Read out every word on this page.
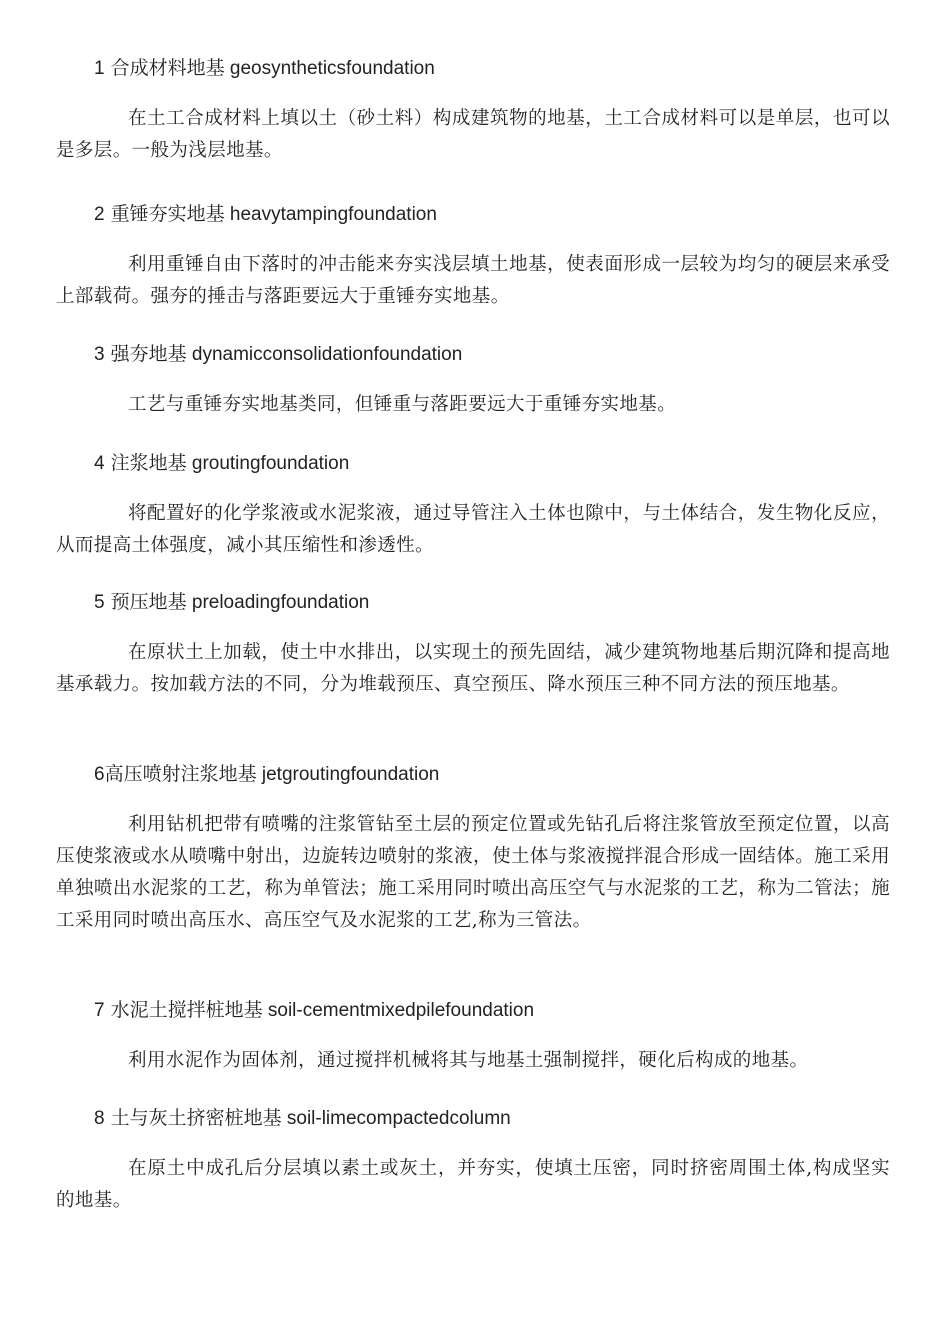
1 合成材料地基 geosyntheticsfoundation

在土工合成材料上填以土（砂土料）构成建筑物的地基，土工合成材料可以是单层，也可以是多层。一般为浅层地基。

2 重锤夯实地基 heavytampingfoundation

利用重锤自由下落时的冲击能来夯实浅层填土地基，使表面形成一层较为均匀的硬层来承受上部载荷。强夯的捶击与落距要远大于重锤夯实地基。

3 强夯地基 dynamicconsolidationfoundation

工艺与重锤夯实地基类同，但锤重与落距要远大于重锤夯实地基。

4 注浆地基 groutingfoundation

将配置好的化学浆液或水泥浆液，通过导管注入土体也隙中，与土体结合，发生物化反应，从而提高土体强度，减小其压缩性和渗透性。

5 预压地基 preloadingfoundation

在原状土上加载，使土中水排出，以实现土的预先固结，减少建筑物地基后期沉降和提高地基承载力。按加载方法的不同，分为堆载预压、真空预压、降水预压三种不同方法的预压地基。

6高压喷射注浆地基 jetgroutingfoundation

利用钻机把带有喷嘴的注浆管钻至土层的预定位置或先钻孔后将注浆管放至预定位置，以高压使浆液或水从喷嘴中射出，边旋转边喷射的浆液，使土体与浆液搅拌混合形成一固结体。施工采用单独喷出水泥浆的工艺，称为单管法；施工采用同时喷出高压空气与水泥浆的工艺，称为二管法；施工采用同时喷出高压水、高压空气及水泥浆的工艺,称为三管法。

7 水泥土搅拌桩地基 soil-cementmixedpilefoundation

利用水泥作为固体剂，通过搅拌机械将其与地基土强制搅拌，硬化后构成的地基。

8 土与灰土挤密桩地基 soil-limecompactedcolumn

在原土中成孔后分层填以素土或灰土，并夯实，使填土压密，同时挤密周围土体,构成坚实的地基。
